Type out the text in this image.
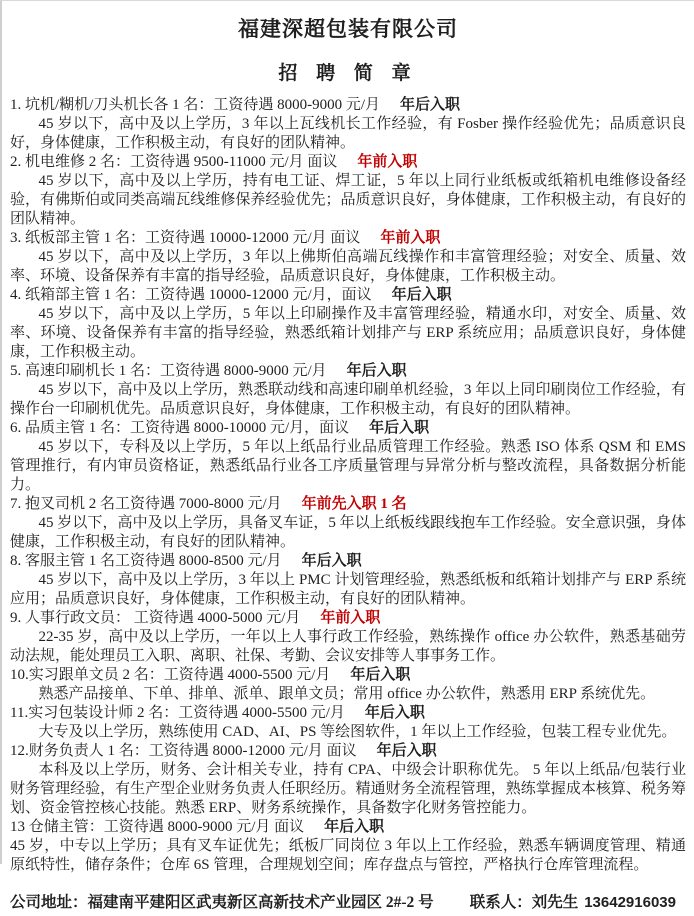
福建深超包装有限公司
招 聘 简 章

1. 坑机/糊机/刀头机长各 1 名：工资待遇 8000-9000 元/月 年后入职

45 岁以下，高中及以上学历，3 年以上瓦线机长工作经验，有 Fosber 操作经验优先；品质意识良好，身体健康，工作积极主动，有良好的团队精神。

2. 机电维修 2 名：工资待遇 9500-11000 元/月 面议 年前入职

45 岁以下，高中及以上学历，持有电工证、焊工证，5 年以上同行业纸板或纸箱机电维修设备经验，有佛斯伯或同类高端瓦线维修保养经验优先；品质意识良好，身体健康，工作积极主动，有良好的团队精神。

3. 纸板部主管 1 名：工资待遇 10000-12000 元/月 面议 年前入职

45 岁以下，高中及以上学历，3 年以上佛斯伯高端瓦线操作和丰富管理经验；对安全、质量、效率、环境、设备保养有丰富的指导经验，品质意识良好，身体健康，工作积极主动。

4. 纸箱部主管 1 名：工资待遇 10000-12000 元/月，面议 年后入职

45 岁以下，高中及以上学历，5 年以上印刷操作及丰富管理经验，精通水印，对安全、质量、效率、环境、设备保养有丰富的指导经验，熟悉纸箱计划排产与 ERP 系统应用；品质意识良好，身体健康，工作积极主动。

5. 高速印刷机长 1 名：工资待遇 8000-9000 元/月 年后入职

45 岁以下，高中及以上学历，熟悉联动线和高速印刷单机经验，3 年以上同印刷岗位工作经验，有操作台一印刷机优先。品质意识良好，身体健康，工作积极主动，有良好的团队精神。

6. 品质主管 1 名：工资待遇 8000-10000 元/月，面议 年后入职

45 岁以下，专科及以上学历，5 年以上纸品行业品质管理工作经验。熟悉 ISO 体系 QSM 和 EMS 管理推行，有内审员资格证，熟悉纸品行业各工序质量管理与异常分析与整改流程，具备数据分析能力。

7. 抱叉司机 2 名工资待遇 7000-8000 元/月 年前先入职 1 名

45 岁以下，高中及以上学历，具备叉车证，5 年以上纸板线跟线抱车工作经验。安全意识强，身体健康，工作积极主动，有良好的团队精神。

8. 客服主管 1 名工资待遇 8000-8500 元/月 年后入职

45 岁以下，高中及以上学历，3 年以上 PMC 计划管理经验，熟悉纸板和纸箱计划排产与 ERP 系统应用；品质意识良好，身体健康，工作积极主动，有良好的团队精神。

9. 人事行政文员： 工资待遇 4000-5000 元/月 年前入职

22-35 岁，高中及以上学历，一年以上人事行政工作经验，熟练操作 office 办公软件，熟悉基础劳动法规，能处理员工入职、离职、社保、考勤、会议安排等人事事务工作。

10.实习跟单文员 2 名：工资待遇 4000-5500 元/月 年后入职

熟悉产品接单、下单、排单、派单、跟单文员；常用 office 办公软件，熟悉用 ERP 系统优先。

11.实习包装设计师 2 名：工资待遇 4000-5500 元/月 年后入职

大专及以上学历，熟练使用 CAD、AI、PS 等绘图软件，1 年以上工作经验，包装工程专业优先。

12.财务负责人 1 名：工资待遇 8000-12000 元/月 面议 年后入职

本科及以上学历，财务、会计相关专业，持有 CPA、中级会计职称优先。 5 年以上纸品/包装行业财务管理经验，有生产型企业财务负责人任职经历。精通财务全流程管理，熟练掌握成本核算、税务筹划、资金管控核心技能。熟悉 ERP、财务系统操作，具备数字化财务管控能力。

13 仓储主管：工资待遇 8000-9000 元/月 面议 年后入职

45 岁，中专以上学历；具有叉车证优先；纸板厂同岗位 3 年以上工作经验，熟悉车辆调度管理、精通原纸特性，储存条件；仓库 6S 管理，合理规划空间；库存盘点与管控，严格执行仓库管理流程。

公司地址：福建南平建阳区武夷新区高新技术产业园区 2#-2 号 联系人：刘先生 13642916039
